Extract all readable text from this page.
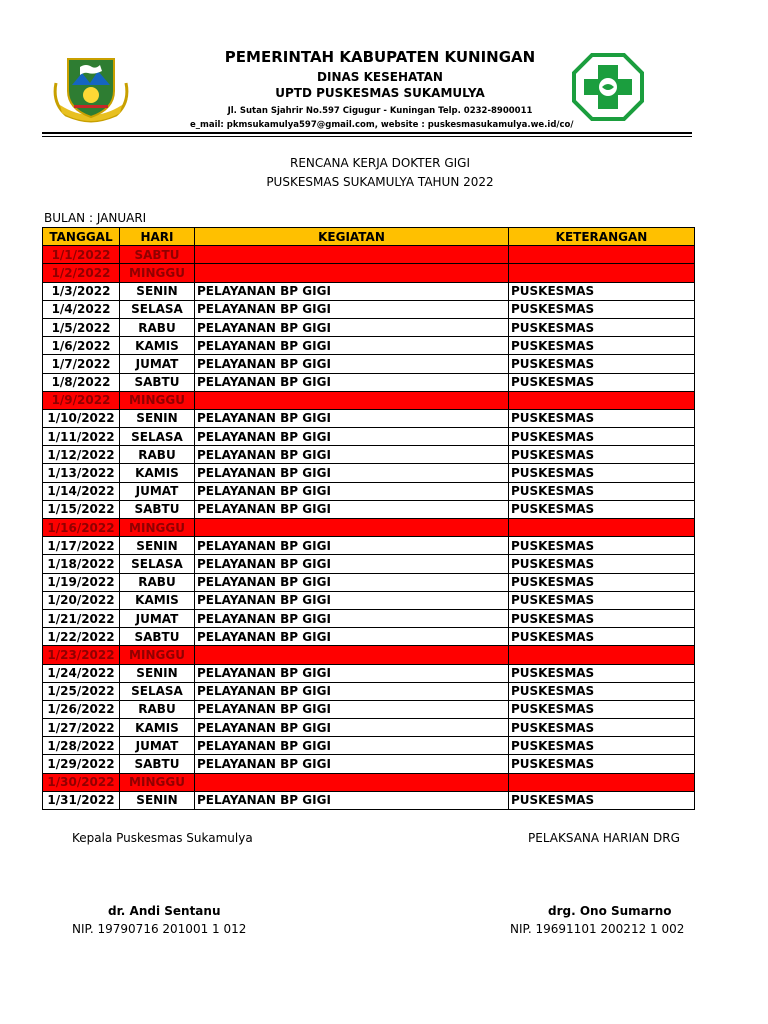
PEMERINTAH KABUPATEN KUNINGAN
DINAS KESEHATAN
UPTD PUSKESMAS SUKAMULYA
Jl. Sutan Sjahrir No.597 Cigugur - Kuningan Telp. 0232-8900011
e_mail: pkmsukamulya597@gmail.com, website : puskesmasukamulya.we.id/co/
RENCANA KERJA DOKTER GIGI
PUSKESMAS SUKAMULYA TAHUN 2022
BULAN : JANUARI
TANGGAL	HARI	KEGIATAN	KETERANGAN
1/1/2022	SABTU		
1/2/2022	MINGGU		
1/3/2022	SENIN	PELAYANAN BP GIGI	PUSKESMAS
1/4/2022	SELASA	PELAYANAN BP GIGI	PUSKESMAS
1/5/2022	RABU	PELAYANAN BP GIGI	PUSKESMAS
1/6/2022	KAMIS	PELAYANAN BP GIGI	PUSKESMAS
1/7/2022	JUMAT	PELAYANAN BP GIGI	PUSKESMAS
1/8/2022	SABTU	PELAYANAN BP GIGI	PUSKESMAS
1/9/2022	MINGGU		
1/10/2022	SENIN	PELAYANAN BP GIGI	PUSKESMAS
1/11/2022	SELASA	PELAYANAN BP GIGI	PUSKESMAS
1/12/2022	RABU	PELAYANAN BP GIGI	PUSKESMAS
1/13/2022	KAMIS	PELAYANAN BP GIGI	PUSKESMAS
1/14/2022	JUMAT	PELAYANAN BP GIGI	PUSKESMAS
1/15/2022	SABTU	PELAYANAN BP GIGI	PUSKESMAS
1/16/2022	MINGGU		
1/17/2022	SENIN	PELAYANAN BP GIGI	PUSKESMAS
1/18/2022	SELASA	PELAYANAN BP GIGI	PUSKESMAS
1/19/2022	RABU	PELAYANAN BP GIGI	PUSKESMAS
1/20/2022	KAMIS	PELAYANAN BP GIGI	PUSKESMAS
1/21/2022	JUMAT	PELAYANAN BP GIGI	PUSKESMAS
1/22/2022	SABTU	PELAYANAN BP GIGI	PUSKESMAS
1/23/2022	MINGGU		
1/24/2022	SENIN	PELAYANAN BP GIGI	PUSKESMAS
1/25/2022	SELASA	PELAYANAN BP GIGI	PUSKESMAS
1/26/2022	RABU	PELAYANAN BP GIGI	PUSKESMAS
1/27/2022	KAMIS	PELAYANAN BP GIGI	PUSKESMAS
1/28/2022	JUMAT	PELAYANAN BP GIGI	PUSKESMAS
1/29/2022	SABTU	PELAYANAN BP GIGI	PUSKESMAS
1/30/2022	MINGGU		
1/31/2022	SENIN	PELAYANAN BP GIGI	PUSKESMAS
Kepala Puskesmas Sukamulya
dr. Andi Sentanu
NIP. 19790716 201001 1 012
PELAKSANA HARIAN DRG
drg. Ono Sumarno
NIP. 19691101 200212 1 002
